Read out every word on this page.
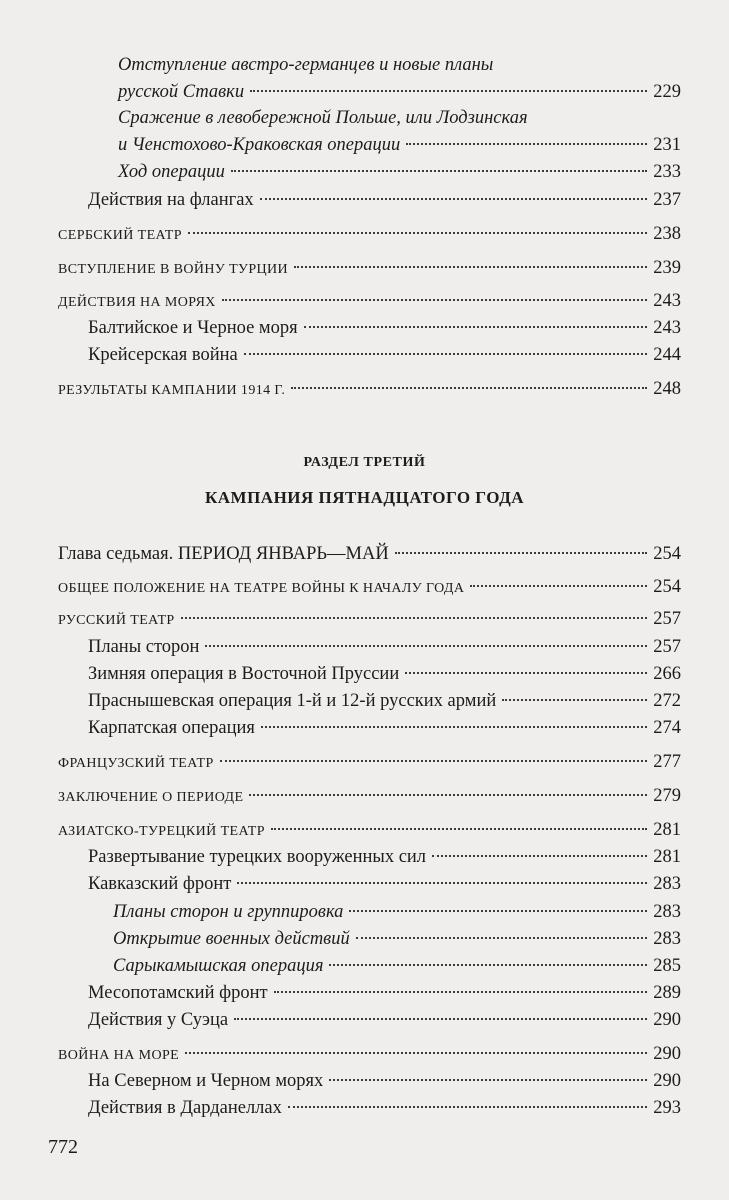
Отступление австро-германцев и новые планы
русской Ставки	229
Сражение в левобережной Польше, или Лодзинская
и Ченстохово-Краковская операции	231
Ход операции	233
Действия на флангах	237
СЕРБСКИЙ ТЕАТР	238
ВСТУПЛЕНИЕ В ВОЙНУ ТУРЦИИ	239
ДЕЙСТВИЯ НА МОРЯХ	243
Балтийское и Черное моря	243
Крейсерская война	244
РЕЗУЛЬТАТЫ КАМПАНИИ 1914 Г.	248
РАЗДЕЛ ТРЕТИЙ
КАМПАНИЯ ПЯТНАДЦАТОГО ГОДА
Глава седьмая. ПЕРИОД ЯНВАРЬ—МАЙ	254
ОБЩЕЕ ПОЛОЖЕНИЕ НА ТЕАТРЕ ВОЙНЫ К НАЧАЛУ ГОДА	254
РУССКИЙ ТЕАТР	257
Планы сторон	257
Зимняя операция в Восточной Пруссии	266
Праснышевская операция 1-й и 12-й русских армий	272
Карпатская операция	274
ФРАНЦУЗСКИЙ ТЕАТР	277
ЗАКЛЮЧЕНИЕ О ПЕРИОДЕ	279
АЗИАТСКО-ТУРЕЦКИЙ ТЕАТР	281
Развертывание турецких вооруженных сил	281
Кавказский фронт	283
Планы сторон и группировка	283
Открытие военных действий	283
Сарыкамышская операция	285
Месопотамский фронт	289
Действия у Суэца	290
ВОЙНА НА МОРЕ	290
На Северном и Черном морях	290
Действия в Дарданеллах	293
772
